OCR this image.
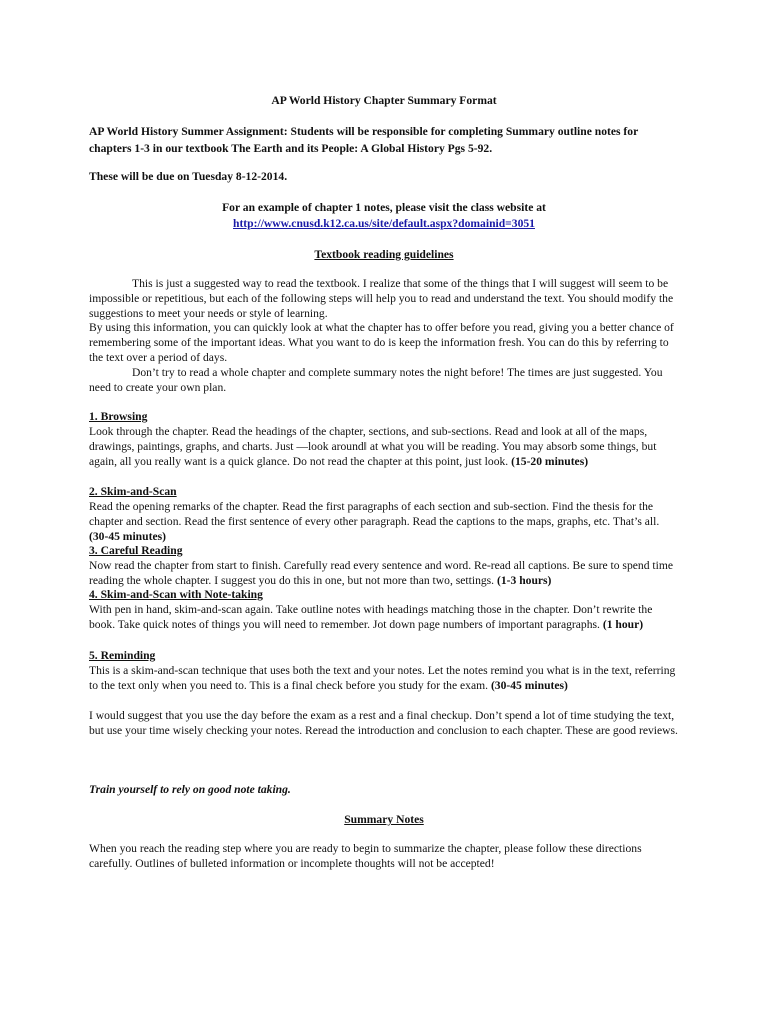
AP World History Chapter Summary Format

AP World History Summer Assignment: Students will be responsible for completing Summary outline notes for chapters 1-3 in our textbook The Earth and its People: A Global History Pgs 5-92.

These will be due on Tuesday 8-12-2014.

For an example of chapter 1 notes, please visit the class website at

http://www.cnusd.k12.ca.us/site/default.aspx?domainid=3051

Textbook reading guidelines

This is just a suggested way to read the textbook. I realize that some of the things that I will suggest will seem to be impossible or repetitious, but each of the following steps will help you to read and understand the text. You should modify the suggestions to meet your needs or style of learning.

By using this information, you can quickly look at what the chapter has to offer before you read, giving you a better chance of remembering some of the important ideas. What you want to do is keep the information fresh. You can do this by referring to the text over a period of days.

Don’t try to read a whole chapter and complete summary notes the night before! The times are just suggested. You need to create your own plan.

1. Browsing

Look through the chapter. Read the headings of the chapter, sections, and sub-sections. Read and look at all of the maps, drawings, paintings, graphs, and charts. Just ―look around‖ at what you will be reading. You may absorb some things, but again, all you really want is a quick glance. Do not read the chapter at this point, just look. (15-20 minutes)

2. Skim-and-Scan

Read the opening remarks of the chapter. Read the first paragraphs of each section and sub-section. Find the thesis for the chapter and section. Read the first sentence of every other paragraph. Read the captions to the maps, graphs, etc. That’s all. (30-45 minutes)

3. Careful Reading

Now read the chapter from start to finish. Carefully read every sentence and word. Re-read all captions. Be sure to spend time reading the whole chapter. I suggest you do this in one, but not more than two, settings. (1-3 hours)

4. Skim-and-Scan with Note-taking

With pen in hand, skim-and-scan again. Take outline notes with headings matching those in the chapter. Don’t rewrite the book. Take quick notes of things you will need to remember. Jot down page numbers of important paragraphs. (1 hour)

5. Reminding

This is a skim-and-scan technique that uses both the text and your notes. Let the notes remind you what is in the text, referring to the text only when you need to. This is a final check before you study for the exam. (30-45 minutes)

I would suggest that you use the day before the exam as a rest and a final checkup. Don’t spend a lot of time studying the text, but use your time wisely checking your notes. Reread the introduction and conclusion to each chapter. These are good reviews.

Train yourself to rely on good note taking.

Summary Notes

When you reach the reading step where you are ready to begin to summarize the chapter, please follow these directions carefully. Outlines of bulleted information or incomplete thoughts will not be accepted!
